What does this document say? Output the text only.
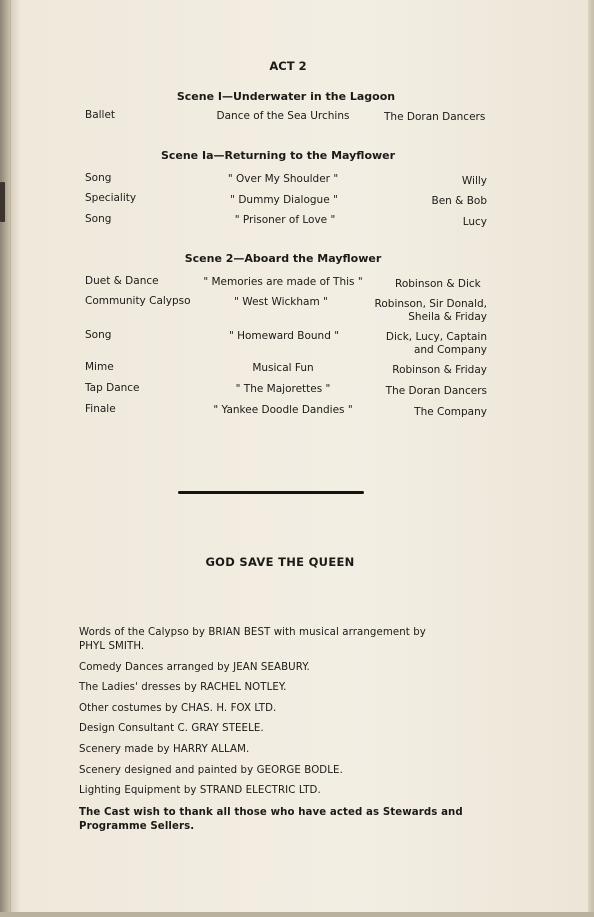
ACT 2
Scene I—Underwater in the Lagoon
Ballet	Dance of the Sea Urchins	The Doran Dancers
Scene Ia—Returning to the Mayflower
Song	" Over My Shoulder "	Willy
Speciality	" Dummy Dialogue "	Ben & Bob
Song	" Prisoner of Love "	Lucy
Scene 2—Aboard the Mayflower
Duet & Dance	" Memories are made of This "	Robinson & Dick
Community Calypso	" West Wickham "	Robinson, Sir Donald,
Sheila & Friday
Song	" Homeward Bound "	Dick, Lucy, Captain
and Company
Mime	Musical Fun	Robinson & Friday
Tap Dance	" The Majorettes "	The Doran Dancers
Finale	" Yankee Doodle Dandies "	The Company
GOD SAVE THE QUEEN
Words of the Calypso by BRIAN BEST with musical arrangement by
PHYL SMITH.
Comedy Dances arranged by JEAN SEABURY.
The Ladies' dresses by RACHEL NOTLEY.
Other costumes by CHAS. H. FOX LTD.
Design Consultant C. GRAY STEELE.
Scenery made by HARRY ALLAM.
Scenery designed and painted by GEORGE BODLE.
Lighting Equipment by STRAND ELECTRIC LTD.
The Cast wish to thank all those who have acted as Stewards and
Programme Sellers.
